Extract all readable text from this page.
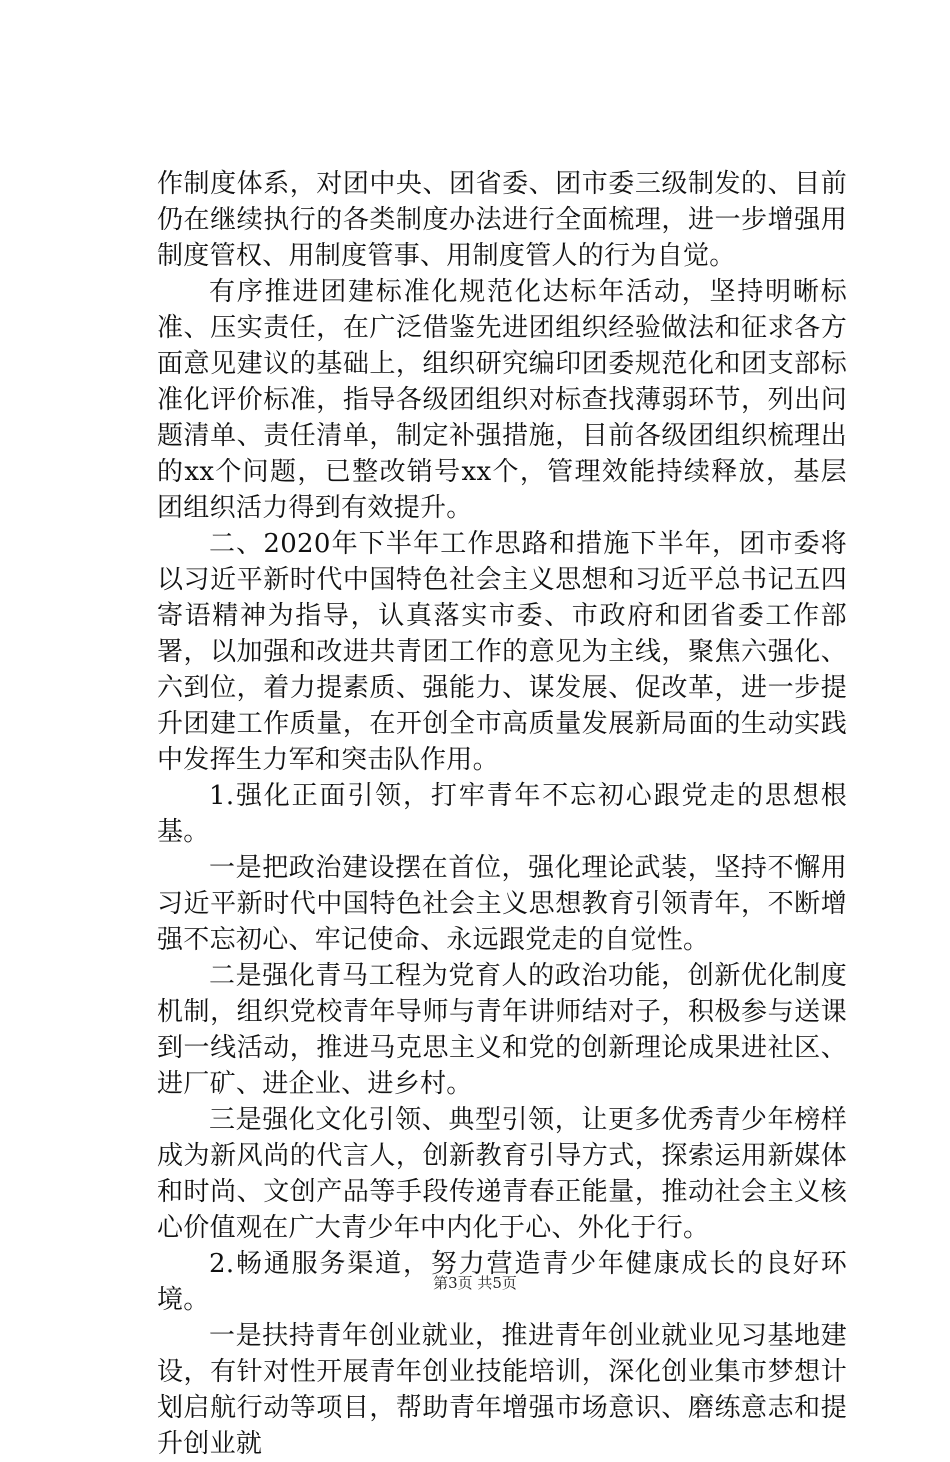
作制度体系，对团中央、团省委、团市委三级制发的、目前仍在继续执行的各类制度办法进行全面梳理，进一步增强用制度管权、用制度管事、用制度管人的行为自觉。

有序推进团建标准化规范化达标年活动，坚持明晰标准、压实责任，在广泛借鉴先进团组织经验做法和征求各方面意见建议的基础上，组织研究编印团委规范化和团支部标准化评价标准，指导各级团组织对标查找薄弱环节，列出问题清单、责任清单，制定补强措施，目前各级团组织梳理出的xx个问题，已整改销号xx个，管理效能持续释放，基层团组织活力得到有效提升。

二、2020年下半年工作思路和措施下半年，团市委将以习近平新时代中国特色社会主义思想和习近平总书记五四寄语精神为指导，认真落实市委、市政府和团省委工作部署，以加强和改进共青团工作的意见为主线，聚焦六强化、六到位，着力提素质、强能力、谋发展、促改革，进一步提升团建工作质量，在开创全市高质量发展新局面的生动实践中发挥生力军和突击队作用。

1.强化正面引领，打牢青年不忘初心跟党走的思想根基。

一是把政治建设摆在首位，强化理论武装，坚持不懈用习近平新时代中国特色社会主义思想教育引领青年，不断增强不忘初心、牢记使命、永远跟党走的自觉性。

二是强化青马工程为党育人的政治功能，创新优化制度机制，组织党校青年导师与青年讲师结对子，积极参与送课到一线活动，推进马克思主义和党的创新理论成果进社区、进厂矿、进企业、进乡村。

三是强化文化引领、典型引领，让更多优秀青少年榜样成为新风尚的代言人，创新教育引导方式，探索运用新媒体和时尚、文创产品等手段传递青春正能量，推动社会主义核心价值观在广大青少年中内化于心、外化于行。

2.畅通服务渠道，努力营造青少年健康成长的良好环境。

一是扶持青年创业就业，推进青年创业就业见习基地建设，有针对性开展青年创业技能培训，深化创业集市梦想计划启航行动等项目，帮助青年增强市场意识、磨练意志和提升创业就

第3页 共5页
